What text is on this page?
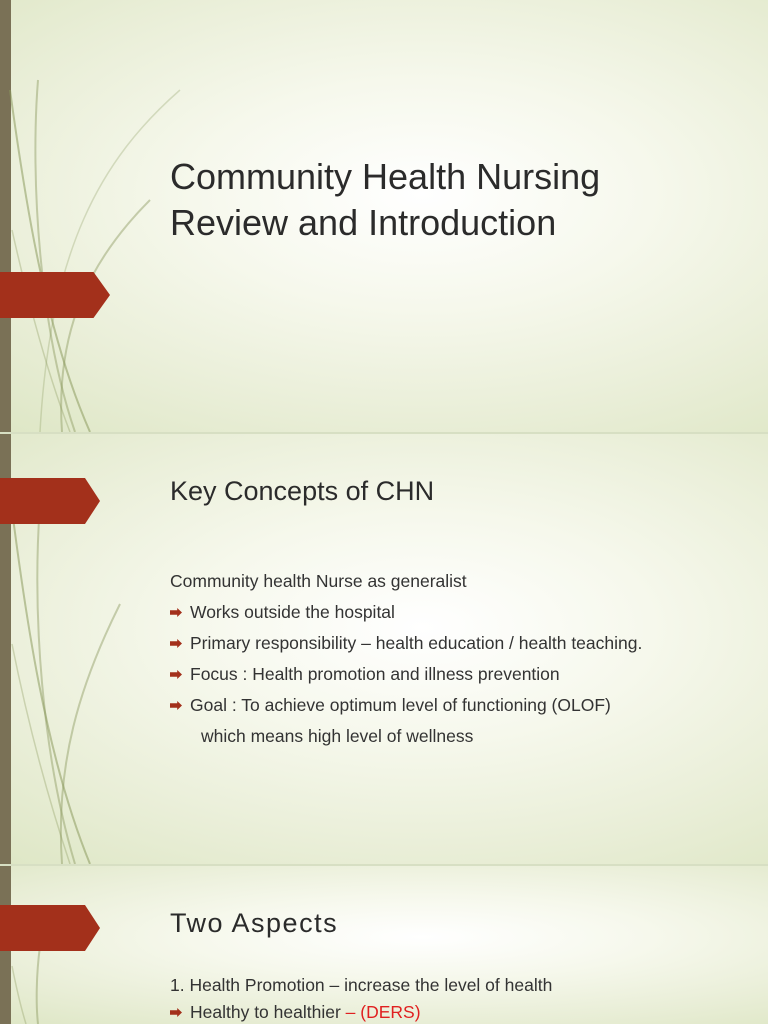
Community Health Nursing
Review and Introduction
Key Concepts of CHN
Community health Nurse as generalist
Works outside the hospital
Primary responsibility – health education / health teaching.
Focus : Health promotion and illness prevention
Goal : To achieve optimum level of functioning (OLOF)
which means high level of wellness
Two Aspects
1. Health Promotion – increase the level of health
Healthy to healthier – (DERS)
